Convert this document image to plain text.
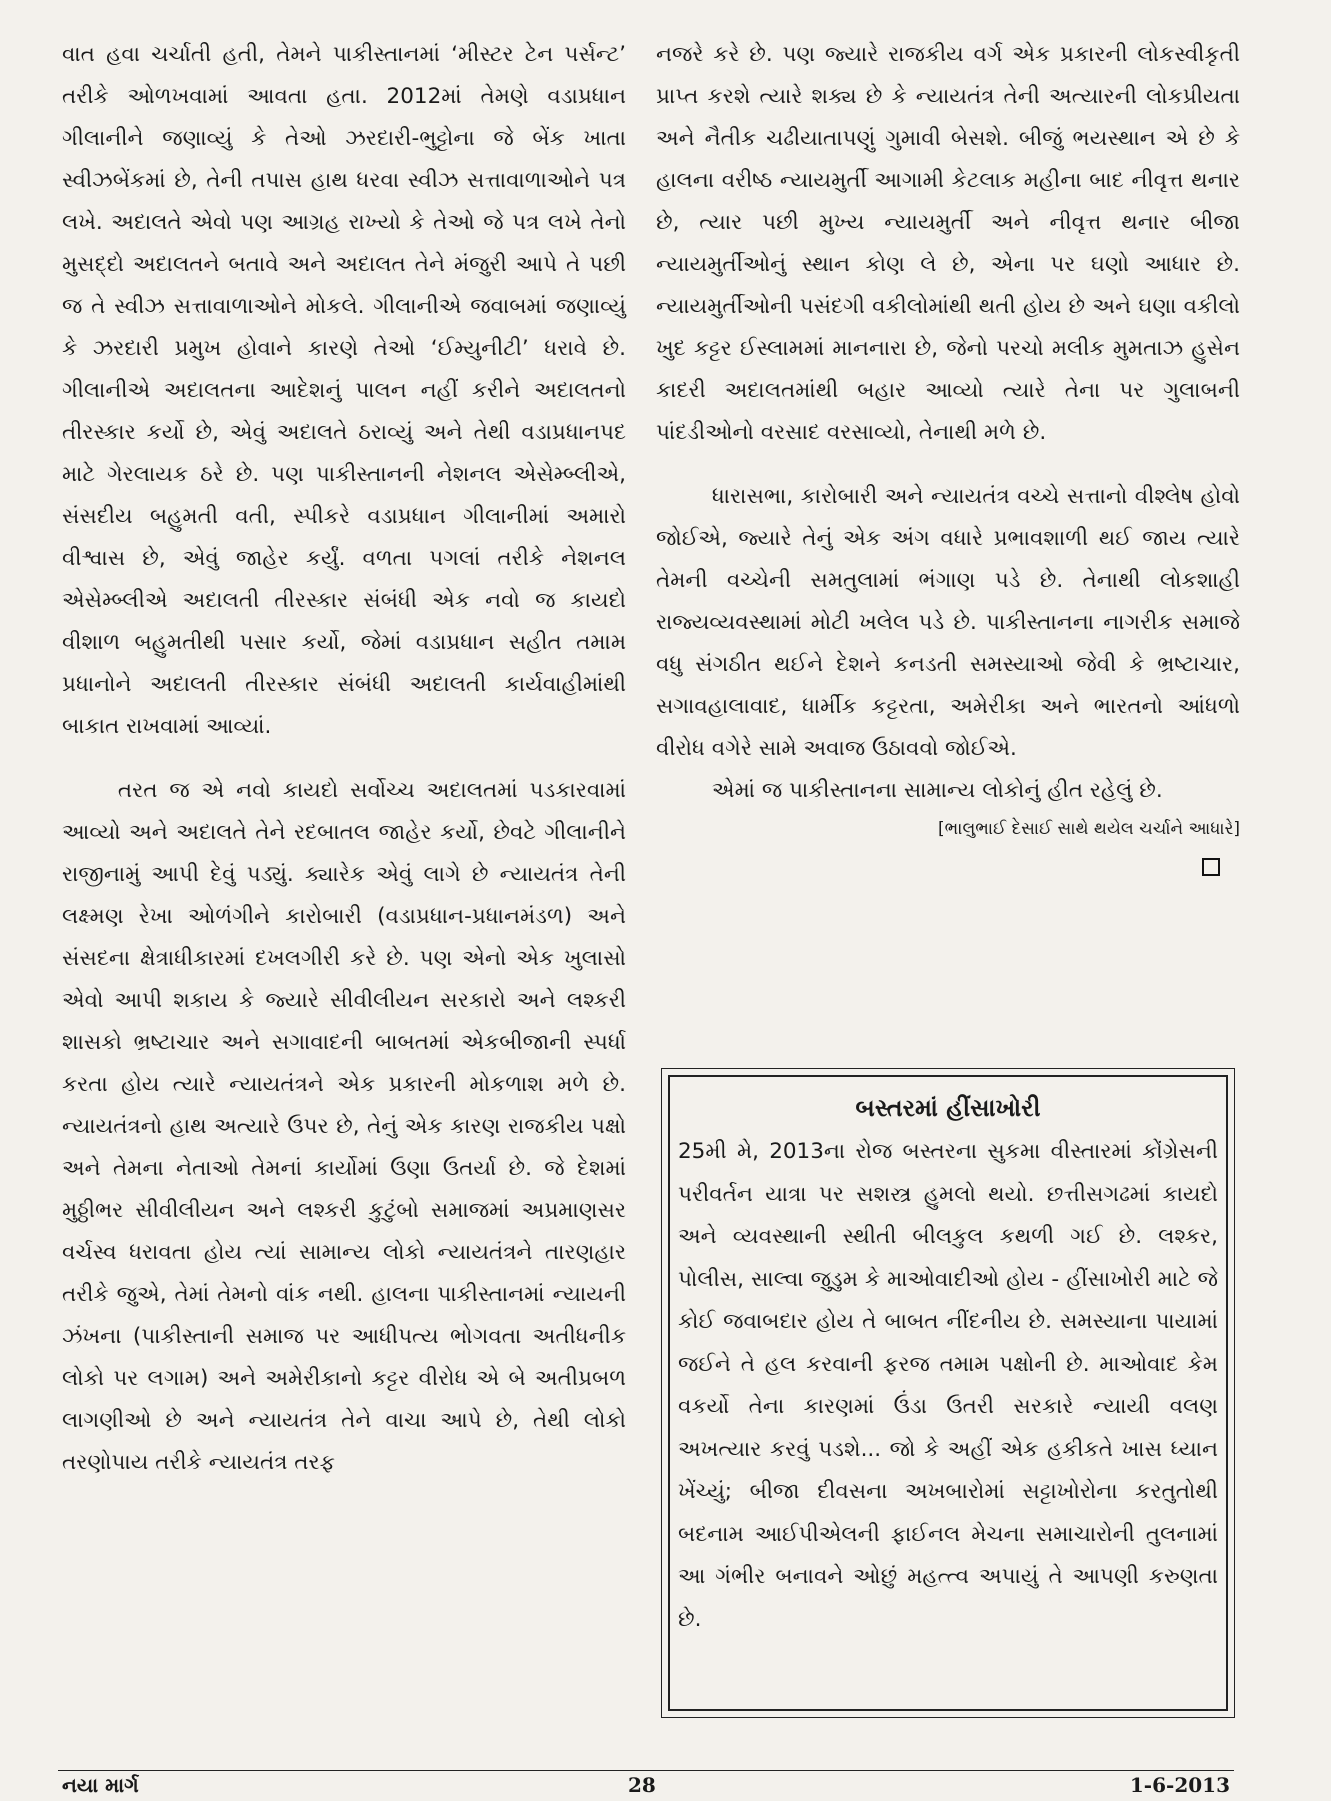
વાત હવા ચર્ચાતી હતી, તેમને પાકીસ્તાનમાં ‘મીસ્ટર ટેન પર્સન્ટ’ તરીકે ઓળખવામાં આવતા હતા. 2012માં તેમણે વડાપ્રધાન ગીલાનીને જણાવ્યું કે તેઓ ઝરદારી-ભુટ્ટોના જે બેંક ખાતા સ્વીઝબેંકમાં છે, તેની તપાસ હાથ ધરવા સ્વીઝ સત્તાવાળાઓને પત્ર લખે. અદાલતે એવો પણ આગ્રહ રાખ્યો કે તેઓ જે પત્ર લખે તેનો મુસદ્દો અદાલતને બતાવે અને અદાલત તેને મંજુરી આપે તે પછી જ તે સ્વીઝ સત્તાવાળાઓને મોકલે. ગીલાનીએ જવાબમાં જણાવ્યું કે ઝરદારી પ્રમુખ હોવાને કારણે તેઓ ‘ઈમ્યુનીટી’ ધરાવે છે. ગીલાનીએ અદાલતના આદેશનું પાલન નહીં કરીને અદાલતનો તીરસ્કાર કર્યો છે, એવું અદાલતે ઠરાવ્યું અને તેથી વડાપ્રધાનપદ માટે ગેરલાયક ઠરે છે. પણ પાકીસ્તાનની નેશનલ એસેમ્બ્લીએ, સંસદીય બહુમતી વતી, સ્પીકરે વડાપ્રધાન ગીલાનીમાં અમારો વીશ્વાસ છે, એવું જાહેર કર્યું. વળતા પગલાં તરીકે નેશનલ એસેમ્બ્લીએ અદાલતી તીરસ્કાર સંબંધી એક નવો જ કાયદો વીશાળ બહુમતીથી પસાર કર્યો, જેમાં વડાપ્રધાન સહીત તમામ પ્રધાનોને અદાલતી તીરસ્કાર સંબંધી અદાલતી કાર્યવાહીમાંથી બાકાત રાખવામાં આવ્યાં.

તરત જ એ નવો કાયદો સર્વોચ્ચ અદાલતમાં પડકારવામાં આવ્યો અને અદાલતે તેને રદબાતલ જાહેર કર્યો, છેવટે ગીલાનીને રાજીનામું આપી દેવું પડ્યું. ક્યારેક એવું લાગે છે ન્યાયતંત્ર તેની લક્ષ્મણ રેખા ઓળંગીને કારોબારી (વડાપ્રધાન-પ્રધાનમંડળ) અને સંસદના ક્ષેત્રાધીકારમાં દખલગીરી કરે છે. પણ એનો એક ખુલાસો એવો આપી શકાય કે જ્યારે સીવીલીયન સરકારો અને લશ્કરી શાસકો ભ્રષ્ટાચાર અને સગાવાદની બાબતમાં એકબીજાની સ્પર્ધા કરતા હોય ત્યારે ન્યાયતંત્રને એક પ્રકારની મોકળાશ મળે છે. ન્યાયતંત્રનો હાથ અત્યારે ઉપર છે, તેનું એક કારણ રાજકીય પક્ષો અને તેમના નેતાઓ તેમનાં કાર્યોમાં ઉણા ઉતર્યા છે. જે દેશમાં મુઠ્ઠીભર સીવીલીયન અને લશ્કરી કુટુંબો સમાજમાં અપ્રમાણસર વર્ચસ્વ ધરાવતા હોય ત્યાં સામાન્ય લોકો ન્યાયતંત્રને તારણહાર તરીકે જુએ, તેમાં તેમનો વાંક નથી. હાલના પાકીસ્તાનમાં ન્યાયની ઝંખના (પાકીસ્તાની સમાજ પર આધીપત્ય ભોગવતા અતીધનીક લોકો પર લગામ) અને અમેરીકાનો કટ્ટર વીરોધ એ બે અતીપ્રબળ લાગણીઓ છે અને ન્યાયતંત્ર તેને વાચા આપે છે, તેથી લોકો તરણોપાય તરીકે ન્યાયતંત્ર તરફ

નજરે કરે છે. પણ જ્યારે રાજકીય વર્ગ એક પ્રકારની લોકસ્વીકૃતી પ્રાપ્ત કરશે ત્યારે શક્ય છે કે ન્યાયતંત્ર તેની અત્યારની લોકપ્રીયતા અને નૈતીક ચઢીયાતાપણું ગુમાવી બેસશે. બીજું ભયસ્થાન એ છે કે હાલના વરીષ્ઠ ન્યાયમુર્તી આગામી કેટલાક મહીના બાદ નીવૃત્ત થનાર છે, ત્યાર પછી મુખ્ય ન્યાયમુર્તી અને નીવૃત્ત થનાર બીજા ન્યાયમુર્તીઓનું સ્થાન કોણ લે છે, એના પર ઘણો આધાર છે. ન્યાયમુર્તીઓની પસંદગી વકીલોમાંથી થતી હોય છે અને ઘણા વકીલો ખુદ કટ્ટર ઈસ્લામમાં માનનારા છે, જેનો પરચો મલીક મુમતાઝ હુસેન કાદરી અદાલતમાંથી બહાર આવ્યો ત્યારે તેના પર ગુલાબની પાંદડીઓનો વરસાદ વરસાવ્યો, તેનાથી મળે છે.

ધારાસભા, કારોબારી અને ન્યાયતંત્ર વચ્ચે સત્તાનો વીશ્લેષ હોવો જોઈએ, જ્યારે તેનું એક અંગ વધારે પ્રભાવશાળી થઈ જાય ત્યારે તેમની વચ્ચેની સમતુલામાં ભંગાણ પડે છે. તેનાથી લોકશાહી રાજ્યવ્યવસ્થામાં મોટી ખલેલ પડે છે. પાકીસ્તાનના નાગરીક સમાજે વધુ સંગઠીત થઈને દેશને કનડતી સમસ્યાઓ જેવી કે ભ્રષ્ટાચાર, સગાવહાલાવાદ, ધાર્મીક કટ્ટરતા, અમેરીકા અને ભારતનો આંધળો વીરોધ વગેરે સામે અવાજ ઉઠાવવો જોઈએ.

એમાં જ પાકીસ્તાનના સામાન્ય લોકોનું હીત રહેલું છે.

[ભાલુભાઈ દેસાઈ સાથે થયેલ ચર્ચાને આધારે]

બસ્તરમાં હીંસાખોરી

25મી મે, 2013ના રોજ બસ્તરના સુકમા વીસ્તારમાં કોંગ્રેસની પરીવર્તન યાત્રા પર સશસ્ત્ર હુમલો થયો. છત્તીસગઢમાં કાયદો અને વ્યવસ્થાની સ્થીતી બીલકુલ કથળી ગઈ છે. લશ્કર, પોલીસ, સાલ્વા જુડુમ કે માઓવાદીઓ હોય - હીંસાખોરી માટે જે કોઈ જવાબદાર હોય તે બાબત નીંદનીય છે. સમસ્યાના પાયામાં જઈને તે હલ કરવાની ફરજ તમામ પક્ષોની છે. માઓવાદ કેમ વકર્યો તેના કારણમાં ઉંડા ઉતરી સરકારે ન્યાયી વલણ અખત્યાર કરવું પડશે... જો કે અહીં એક હકીકતે ખાસ ધ્યાન ખેંચ્યું; બીજા દીવસના અખબારોમાં સટ્ટાખોરોના કરતુતોથી બદનામ આઈપીએલની ફાઈનલ મેચના સમાચારોની તુલનામાં આ ગંભીર બનાવને ઓછું મહત્ત્વ અપાયું તે આપણી કરુણતા છે.

નયા માર્ગ	28	1-6-2013
